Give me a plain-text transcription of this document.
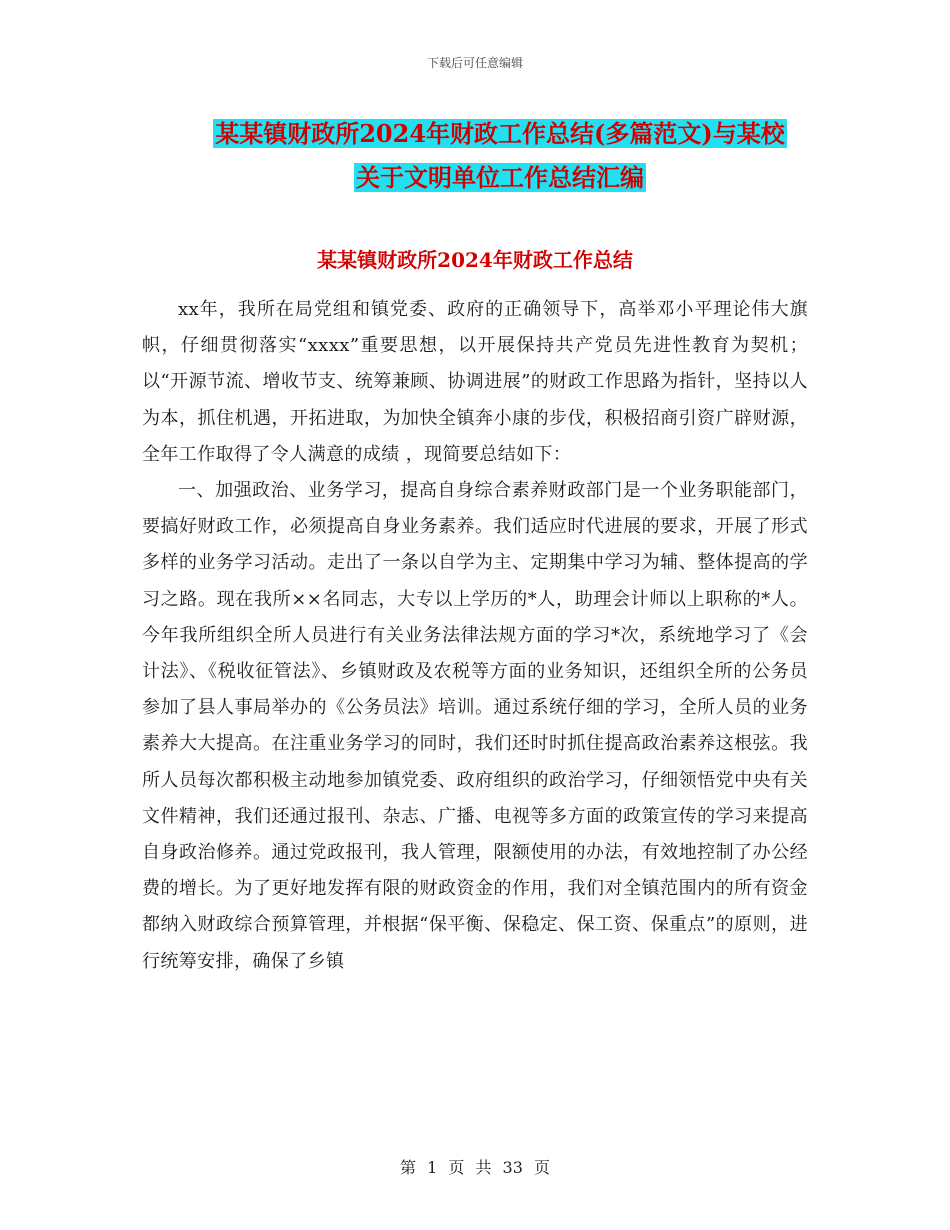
下载后可任意编辑
某某镇财政所2024年财政工作总结(多篇范文)与某校
关于文明单位工作总结汇编
某某镇财政所2024年财政工作总结

xx年，我所在局党组和镇党委、政府的正确领导下，高举邓小平理论伟大旗帜，仔细贯彻落实“xxxx”重要思想，以开展保持共产党员先进性教育为契机；以“开源节流、增收节支、统筹兼顾、协调进展”的财政工作思路为指针，坚持以人为本，抓住机遇，开拓进取，为加快全镇奔小康的步伐，积极招商引资广辟财源，全年工作取得了令人满意的成绩 ，现简要总结如下：

一、加强政治、业务学习，提高自身综合素养财政部门是一个业务职能部门，要搞好财政工作，必须提高自身业务素养。我们适应时代进展的要求，开展了形式多样的业务学习活动。走出了一条以自学为主、定期集中学习为辅、整体提高的学习之路。现在我所××名同志，大专以上学历的*人，助理会计师以上职称的*人。今年我所组织全所人员进行有关业务法律法规方面的学习*次，系统地学习了《会计法》、《税收征管法》、乡镇财政及农税等方面的业务知识，还组织全所的公务员参加了县人事局举办的《公务员法》培训。通过系统仔细的学习，全所人员的业务素养大大提高。在注重业务学习的同时，我们还时时抓住提高政治素养这根弦。我所人员每次都积极主动地参加镇党委、政府组织的政治学习，仔细领悟党中央有关文件精神，我们还通过报刊、杂志、广播、电视等多方面的政策宣传的学习来提高自身政治修养。通过党政报刊，我人管理，限额使用的办法，有效地控制了办公经费的增长。为了更好地发挥有限的财政资金的作用，我们对全镇范围内的所有资金都纳入财政综合预算管理，并根据“保平衡、保稳定、保工资、保重点”的原则，进行统筹安排，确保了乡镇

第 1 页 共 33 页
